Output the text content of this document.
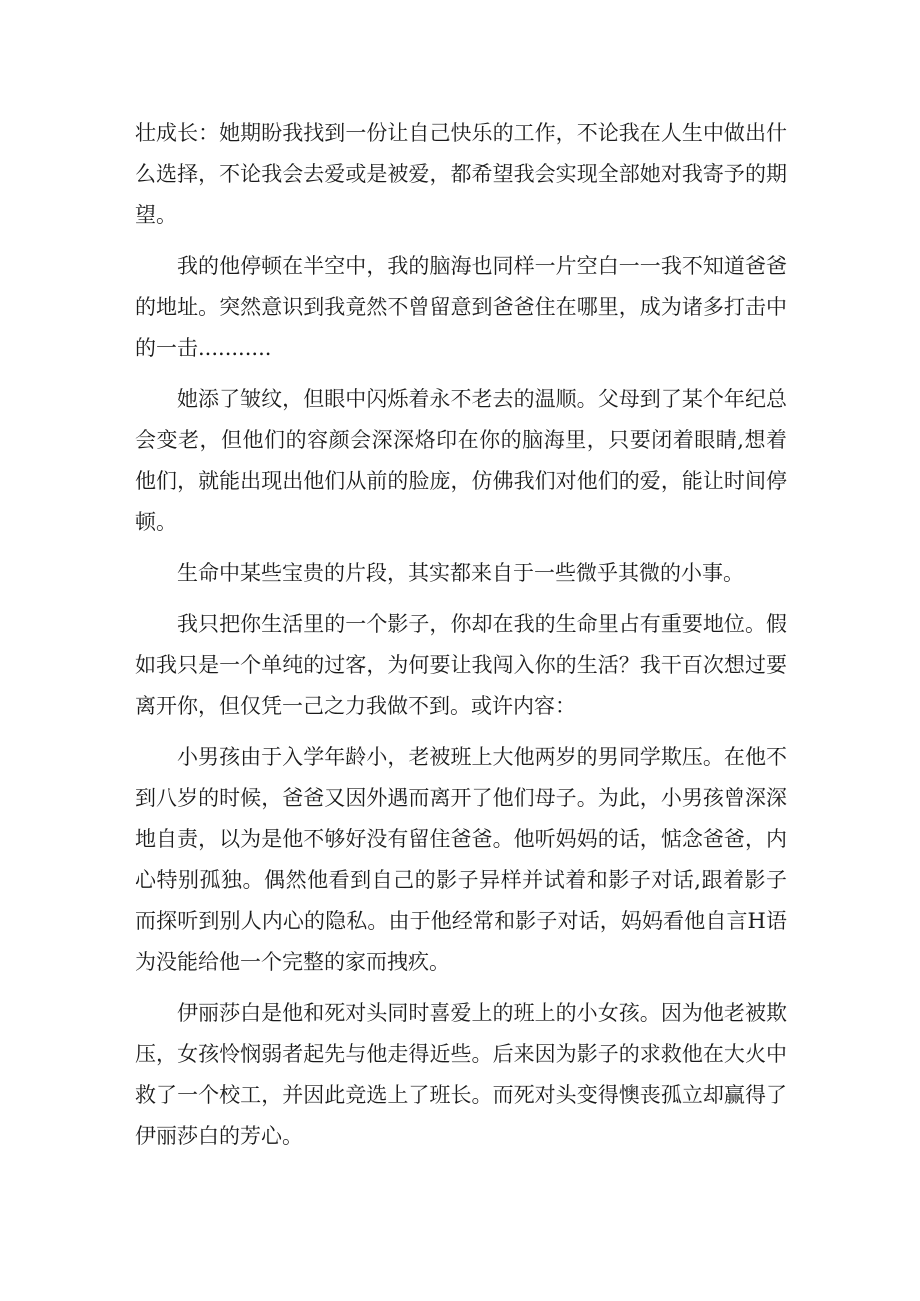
壮成长：她期盼我找到一份让自己快乐的工作，不论我在人生中做出什么选择，不论我会去爱或是被爱，都希望我会实现全部她对我寄予的期望。

我的他停顿在半空中，我的脑海也同样一片空白一一我不知道爸爸的地址。突然意识到我竟然不曾留意到爸爸住在哪里，成为诸多打击中的一击...........

她添了皱纹，但眼中闪烁着永不老去的温顺。父母到了某个年纪总会变老，但他们的容颜会深深烙印在你的脑海里，只要闭着眼睛,想着他们，就能出现出他们从前的脸庞，仿佛我们对他们的爱，能让时间停顿。

生命中某些宝贵的片段，其实都来自于一些微乎其微的小事。

我只把你生活里的一个影子，你却在我的生命里占有重要地位。假如我只是一个单纯的过客，为何要让我闯入你的生活？我干百次想过要离开你，但仅凭一己之力我做不到。或许内容：

小男孩由于入学年龄小，老被班上大他两岁的男同学欺压。在他不到八岁的时候，爸爸又因外遇而离开了他们母子。为此，小男孩曾深深地自责，以为是他不够好没有留住爸爸。他听妈妈的话，惦念爸爸，内心特别孤独。偶然他看到自己的影子异样并试着和影子对话,跟着影子而探听到别人内心的隐私。由于他经常和影子对话，妈妈看他自言H语为没能给他一个完整的家而拽疚。

伊丽莎白是他和死对头同时喜爱上的班上的小女孩。因为他老被欺压，女孩怜悯弱者起先与他走得近些。后来因为影子的求救他在大火中救了一个校工，并因此竞选上了班长。而死对头变得懊丧孤立却赢得了伊丽莎白的芳心。
